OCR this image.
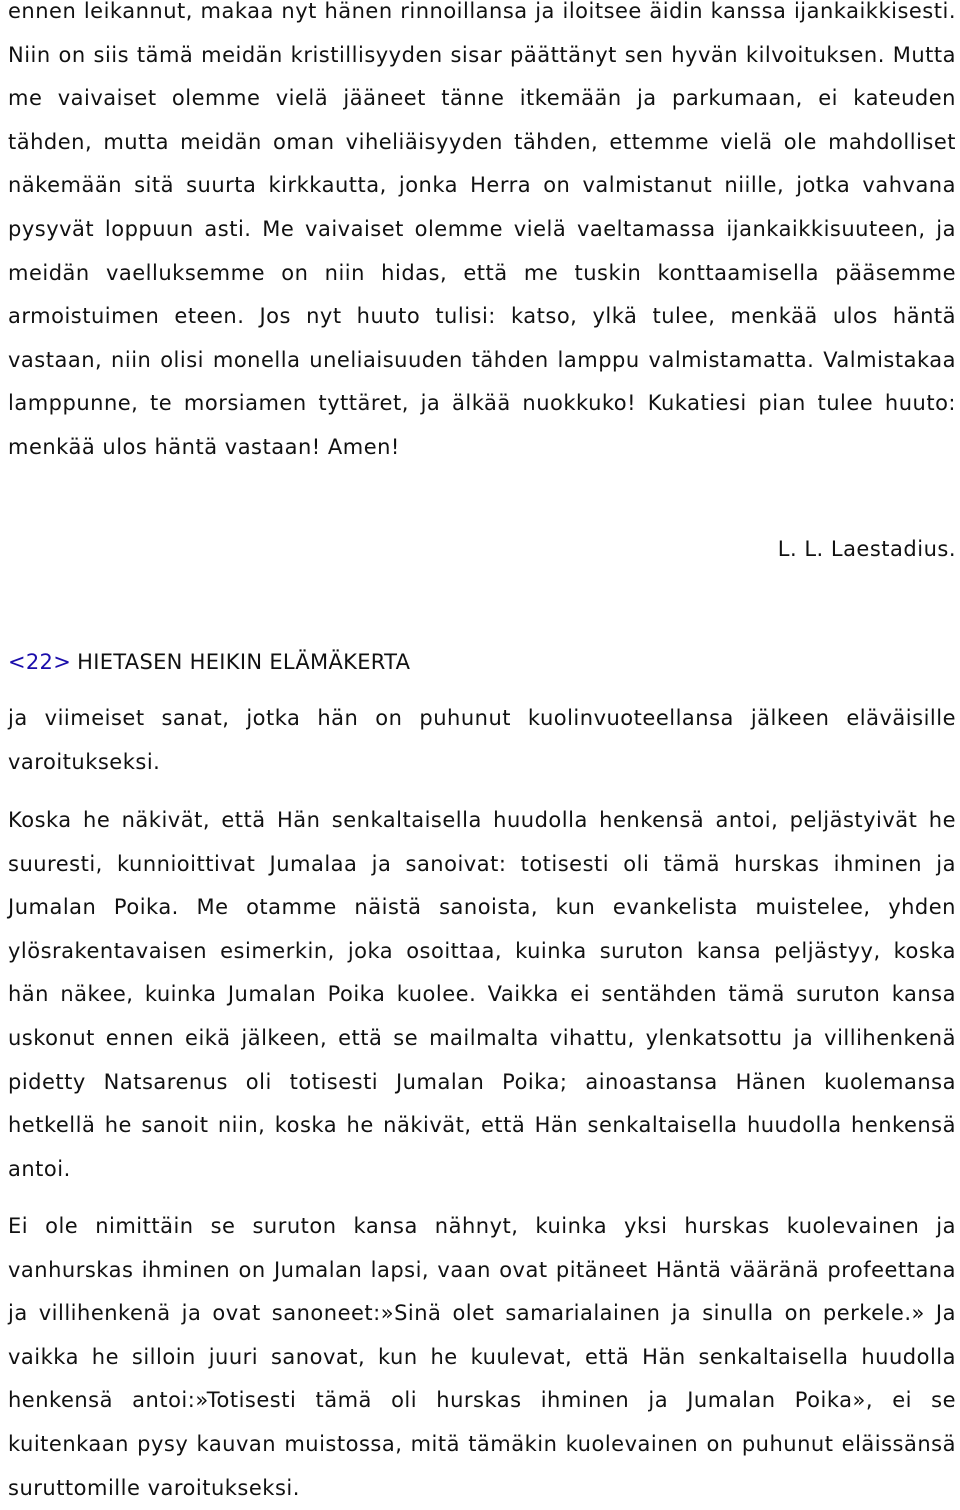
ennen leikannut, makaa nyt hänen rinnoillansa ja iloitsee äidin kanssa ijankaikkisesti. Niin on siis tämä meidän kristillisyyden sisar päättänyt sen hyvän kilvoituksen. Mutta me vaivaiset olemme vielä jääneet tänne itkemään ja parkumaan, ei kateuden tähden, mutta meidän oman viheliäisyyden tähden, ettemme vielä ole mahdolliset näkemään sitä suurta kirkkautta, jonka Herra on valmistanut niille, jotka vahvana pysyvät loppuun asti. Me vaivaiset olemme vielä vaeltamassa ijankaikkisuuteen, ja meidän vaelluksemme on niin hidas, että me tuskin konttaamisella pääsemme armoistuimen eteen. Jos nyt huuto tulisi: katso, ylkä tulee, menkää ulos häntä vastaan, niin olisi monella uneliaisuuden tähden lamppu valmistamatta. Valmistakaa lamppunne, te morsiamen tyttäret, ja älkää nuokkuko! Kukatiesi pian tulee huuto: menkää ulos häntä vastaan! Amen!

L. L. Laestadius.
<22> HIETASEN HEIKIN ELÄMÄKERTA

ja viimeiset sanat, jotka hän on puhunut kuolinvuoteellansa jälkeen eläväisille varoitukseksi.

Koska he näkivät, että Hän senkaltaisella huudolla henkensä antoi, peljästyivät he suuresti, kunnioittivat Jumalaa ja sanoivat: totisesti oli tämä hurskas ihminen ja Jumalan Poika. Me otamme näistä sanoista, kun evankelista muistelee, yhden ylösrakentavaisen esimerkin, joka osoittaa, kuinka suruton kansa peljästyy, koska hän näkee, kuinka Jumalan Poika kuolee. Vaikka ei sentähden tämä suruton kansa uskonut ennen eikä jälkeen, että se mailmalta vihattu, ylenkatsottu ja villihenkenä pidetty Natsarenus oli totisesti Jumalan Poika; ainoastansa Hänen kuolemansa hetkellä he sanoit niin, koska he näkivät, että Hän senkaltaisella huudolla henkensä antoi.

Ei ole nimittäin se suruton kansa nähnyt, kuinka yksi hurskas kuolevainen ja vanhurskas ihminen on Jumalan lapsi, vaan ovat pitäneet Häntä vääränä profeettana ja villihenkenä ja ovat sanoneet:»Sinä olet samarialainen ja sinulla on perkele.» Ja vaikka he silloin juuri sanovat, kun he kuulevat, että Hän senkaltaisella huudolla henkensä antoi:»Totisesti tämä oli hurskas ihminen ja Jumalan Poika», ei se kuitenkaan pysy kauvan muistossa, mitä tämäkin kuolevainen on puhunut eläissänsä suruttomille varoitukseksi.
